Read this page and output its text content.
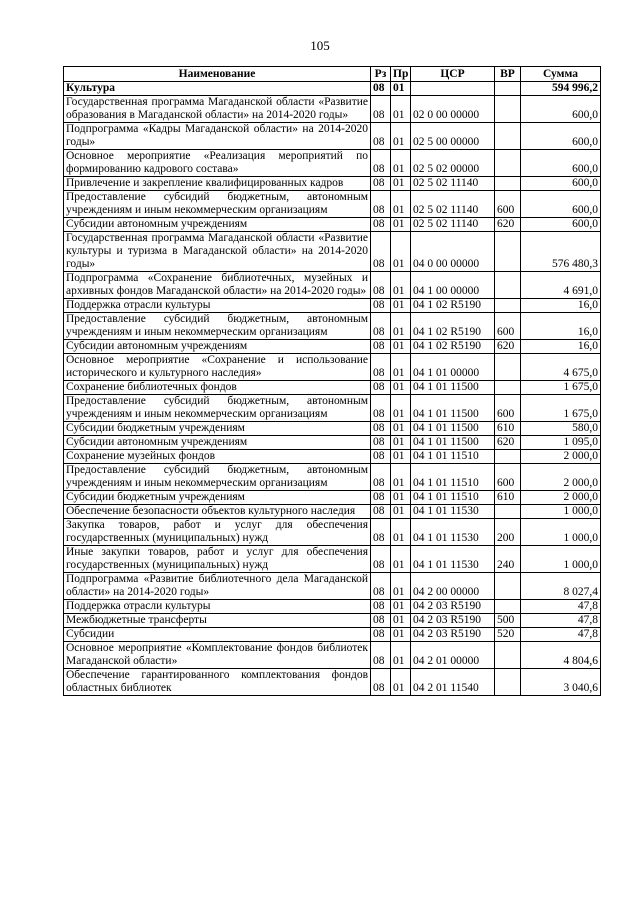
105
Наименование	Рз	Пр	ЦСР	ВР	Сумма
Культура	08	01			594 996,2
Государственная программа Магаданской области «Развитие образования в Магаданской области» на 2014-2020 годы»	08	01	02 0 00 00000		600,0
Подпрограмма «Кадры Магаданской области» на 2014-2020 годы»	08	01	02 5 00 00000		600,0
Основное мероприятие «Реализация мероприятий по формированию кадрового состава»	08	01	02 5 02 00000		600,0
Привлечение и закрепление квалифицированных кадров	08	01	02 5 02 11140		600,0
Предоставление субсидий бюджетным, автономным учреждениям и иным некоммерческим организациям	08	01	02 5 02 11140	600	600,0
Субсидии автономным учреждениям	08	01	02 5 02 11140	620	600,0
Государственная программа Магаданской области «Развитие культуры и туризма в Магаданской области» на 2014-2020 годы»	08	01	04 0 00 00000		576 480,3
Подпрограмма «Сохранение библиотечных, музейных и архивных фондов Магаданской области» на 2014-2020 годы»	08	01	04 1 00 00000		4 691,0
Поддержка отрасли культуры	08	01	04 1 02 R5190		16,0
Предоставление субсидий бюджетным, автономным учреждениям и иным некоммерческим организациям	08	01	04 1 02 R5190	600	16,0
Субсидии автономным учреждениям	08	01	04 1 02 R5190	620	16,0
Основное мероприятие «Сохранение и использование исторического и культурного наследия»	08	01	04 1 01 00000		4 675,0
Сохранение библиотечных фондов	08	01	04 1 01 11500		1 675,0
Предоставление субсидий бюджетным, автономным учреждениям и иным некоммерческим организациям	08	01	04 1 01 11500	600	1 675,0
Субсидии бюджетным учреждениям	08	01	04 1 01 11500	610	580,0
Субсидии автономным учреждениям	08	01	04 1 01 11500	620	1 095,0
Сохранение музейных фондов	08	01	04 1 01 11510		2 000,0
Предоставление субсидий бюджетным, автономным учреждениям и иным некоммерческим организациям	08	01	04 1 01 11510	600	2 000,0
Субсидии бюджетным учреждениям	08	01	04 1 01 11510	610	2 000,0
Обеспечение безопасности объектов культурного наследия	08	01	04 1 01 11530		1 000,0
Закупка товаров, работ и услуг для обеспечения государственных (муниципальных) нужд	08	01	04 1 01 11530	200	1 000,0
Иные закупки товаров, работ и услуг для обеспечения государственных (муниципальных) нужд	08	01	04 1 01 11530	240	1 000,0
Подпрограмма «Развитие библиотечного дела Магаданской области» на 2014-2020 годы»	08	01	04 2 00 00000		8 027,4
Поддержка отрасли культуры	08	01	04 2 03 R5190		47,8
Межбюджетные трансферты	08	01	04 2 03 R5190	500	47,8
Субсидии	08	01	04 2 03 R5190	520	47,8
Основное мероприятие «Комплектование фондов библиотек Магаданской области»	08	01	04 2 01 00000		4 804,6
Обеспечение гарантированного комплектования фондов областных библиотек	08	01	04 2 01 11540		3 040,6
